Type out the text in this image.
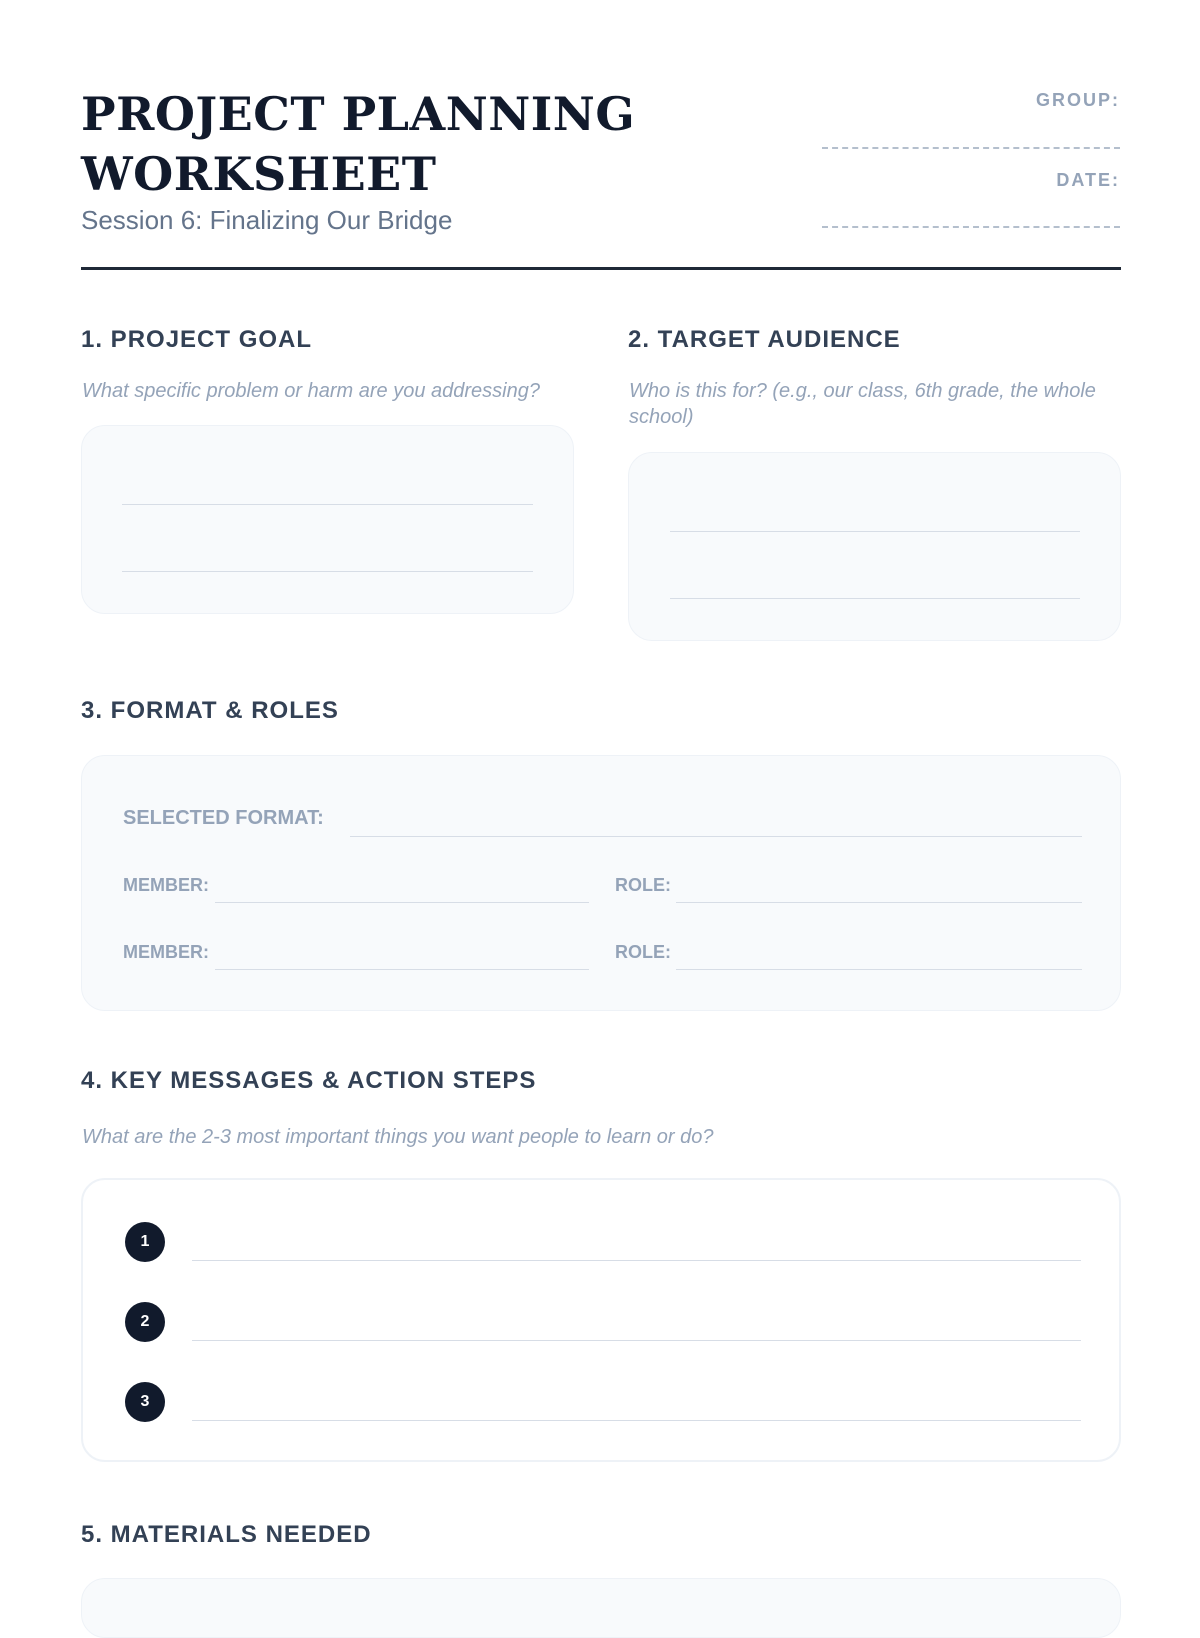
PROJECT PLANNING WORKSHEET
Session 6: Finalizing Our Bridge
GROUP:
DATE:
1. PROJECT GOAL
What specific problem or harm are you addressing?
2. TARGET AUDIENCE
Who is this for? (e.g., our class, 6th grade, the whole school)
3. FORMAT & ROLES
SELECTED FORMAT:
MEMBER:	ROLE:
MEMBER:	ROLE:
4. KEY MESSAGES & ACTION STEPS
What are the 2-3 most important things you want people to learn or do?
1
2
3
5. MATERIALS NEEDED
